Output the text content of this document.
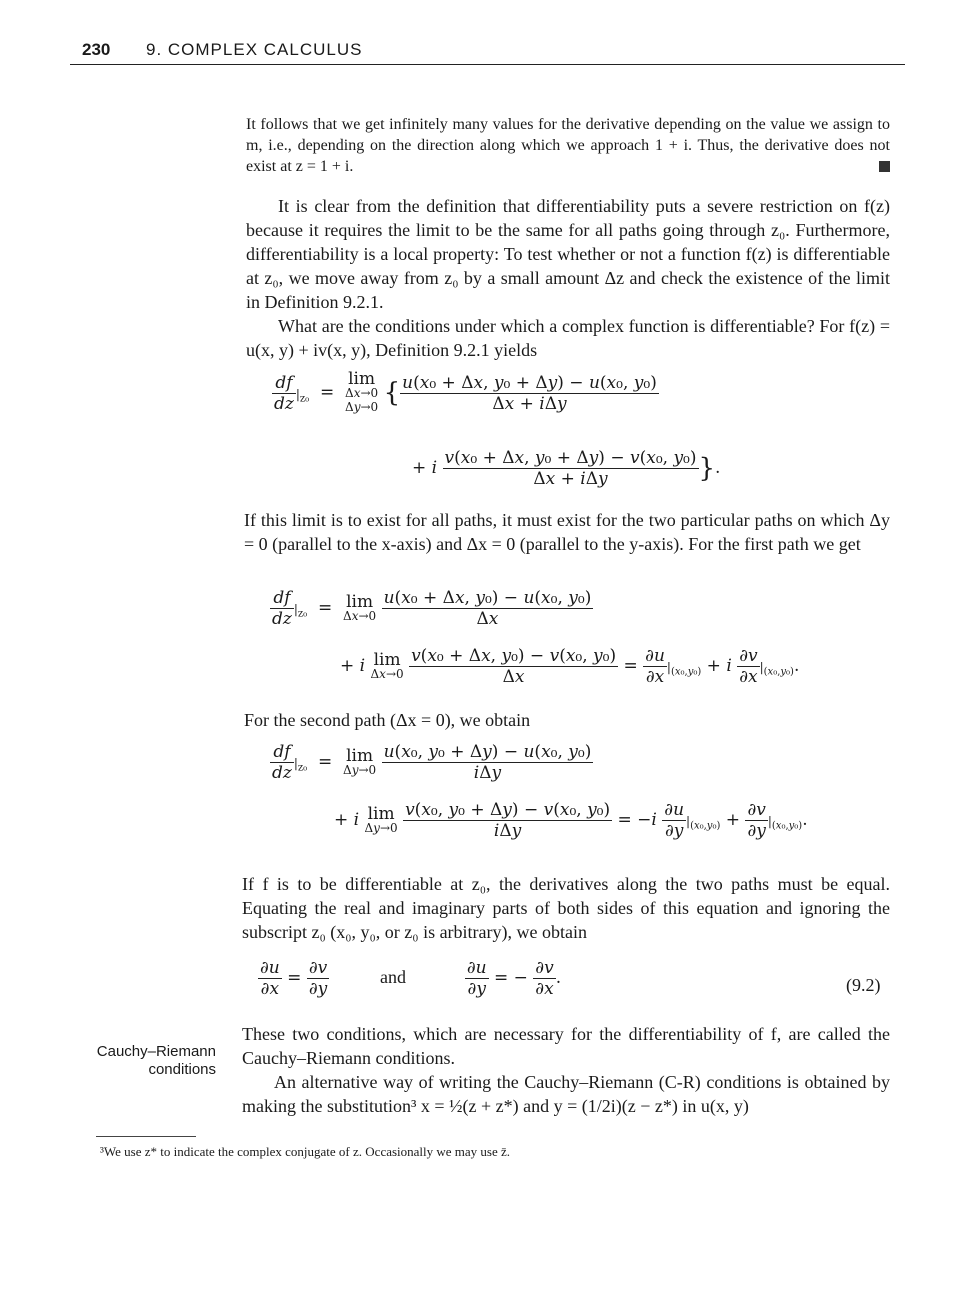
230 9. COMPLEX CALCULUS
It follows that we get infinitely many values for the derivative depending on the value we assign to m, i.e., depending on the direction along which we approach 1 + i. Thus, the derivative does not exist at z = 1 + i.
It is clear from the definition that differentiability puts a severe restriction on f(z) because it requires the limit to be the same for all paths going through z₀. Furthermore, differentiability is a local property: To test whether or not a function f(z) is differentiable at z₀, we move away from z₀ by a small amount Δz and check the existence of the limit in Definition 9.2.1.
What are the conditions under which a complex function is differentiable? For f(z) = u(x, y) + iv(x, y), Definition 9.2.1 yields
$\frac{df}{dz} |_{z_0} = \lim$
Δx→0
Δy→0 { $\frac{\text{u(x₀ + Δx, y₀ + Δy) − u(x₀, y₀)}}{\text{Δx + iΔy}}$
+ i $\frac{\text{v(x₀ + Δx, y₀ + Δy) − v(x₀, y₀)}}{\text{Δx + iΔy}}$ }.
If this limit is to exist for all paths, it must exist for the two particular paths on which Δy = 0 (parallel to the x-axis) and Δx = 0 (parallel to the y-axis). For the first path we get
$\frac{df}{dz} |_{z_0} = \lim$
Δx→0
$\frac{\text{u(x₀ + Δx, y₀) − u(x₀, y₀)}}{\Delta x}$
+ i lim
Δx→0
$\frac{\text{v(x₀ + Δx, y₀) − v(x₀, y₀)}}{\Delta x} = \frac{\partial u}{\partial x} |_{(x_0,y_0)} + i \frac{\partial v}{\partial x} |_{(x_0,y_0)}$.
For the second path (Δx = 0), we obtain
$\frac{df}{dz} |_{z_0} = \lim$
Δy→0
$\frac{\text{u(x₀, y₀ + Δy) − u(x₀, y₀)}}{\text{iΔy}}$
+ i lim
Δy→0
$\frac{\text{v(x₀, y₀ + Δy) − v(x₀, y₀)}}{\text{iΔy}} = -i \frac{\partial u}{\partial y} |_{(x_0,y_0)} + \frac{\partial v}{\partial y} |_{(x_0,y_0)}$.
If f is to be differentiable at z₀, the derivatives along the two paths must be equal. Equating the real and imaginary parts of both sides of this equation and ignoring the subscript z₀ (x₀, y₀, or z₀ is arbitrary), we obtain
$\frac{\partial u}{\partial x} = \frac{\partial v}{\partial y}$	and	$\frac{\partial u}{\partial y}$ = − $\frac{\partial v}{\partial x}$ .	(9.2)
These two conditions, which are necessary for the differentiability of f, are called the Cauchy–Riemann conditions.
An alternative way of writing the Cauchy–Riemann (C-R) conditions is obtained by making the substitution³ x = ½(z + z*) and y = (1/2i)(z − z*) in u(x, y)
Cauchy–Riemann
conditions
³We use z* to indicate the complex conjugate of z. Occasionally we may use z̄.
